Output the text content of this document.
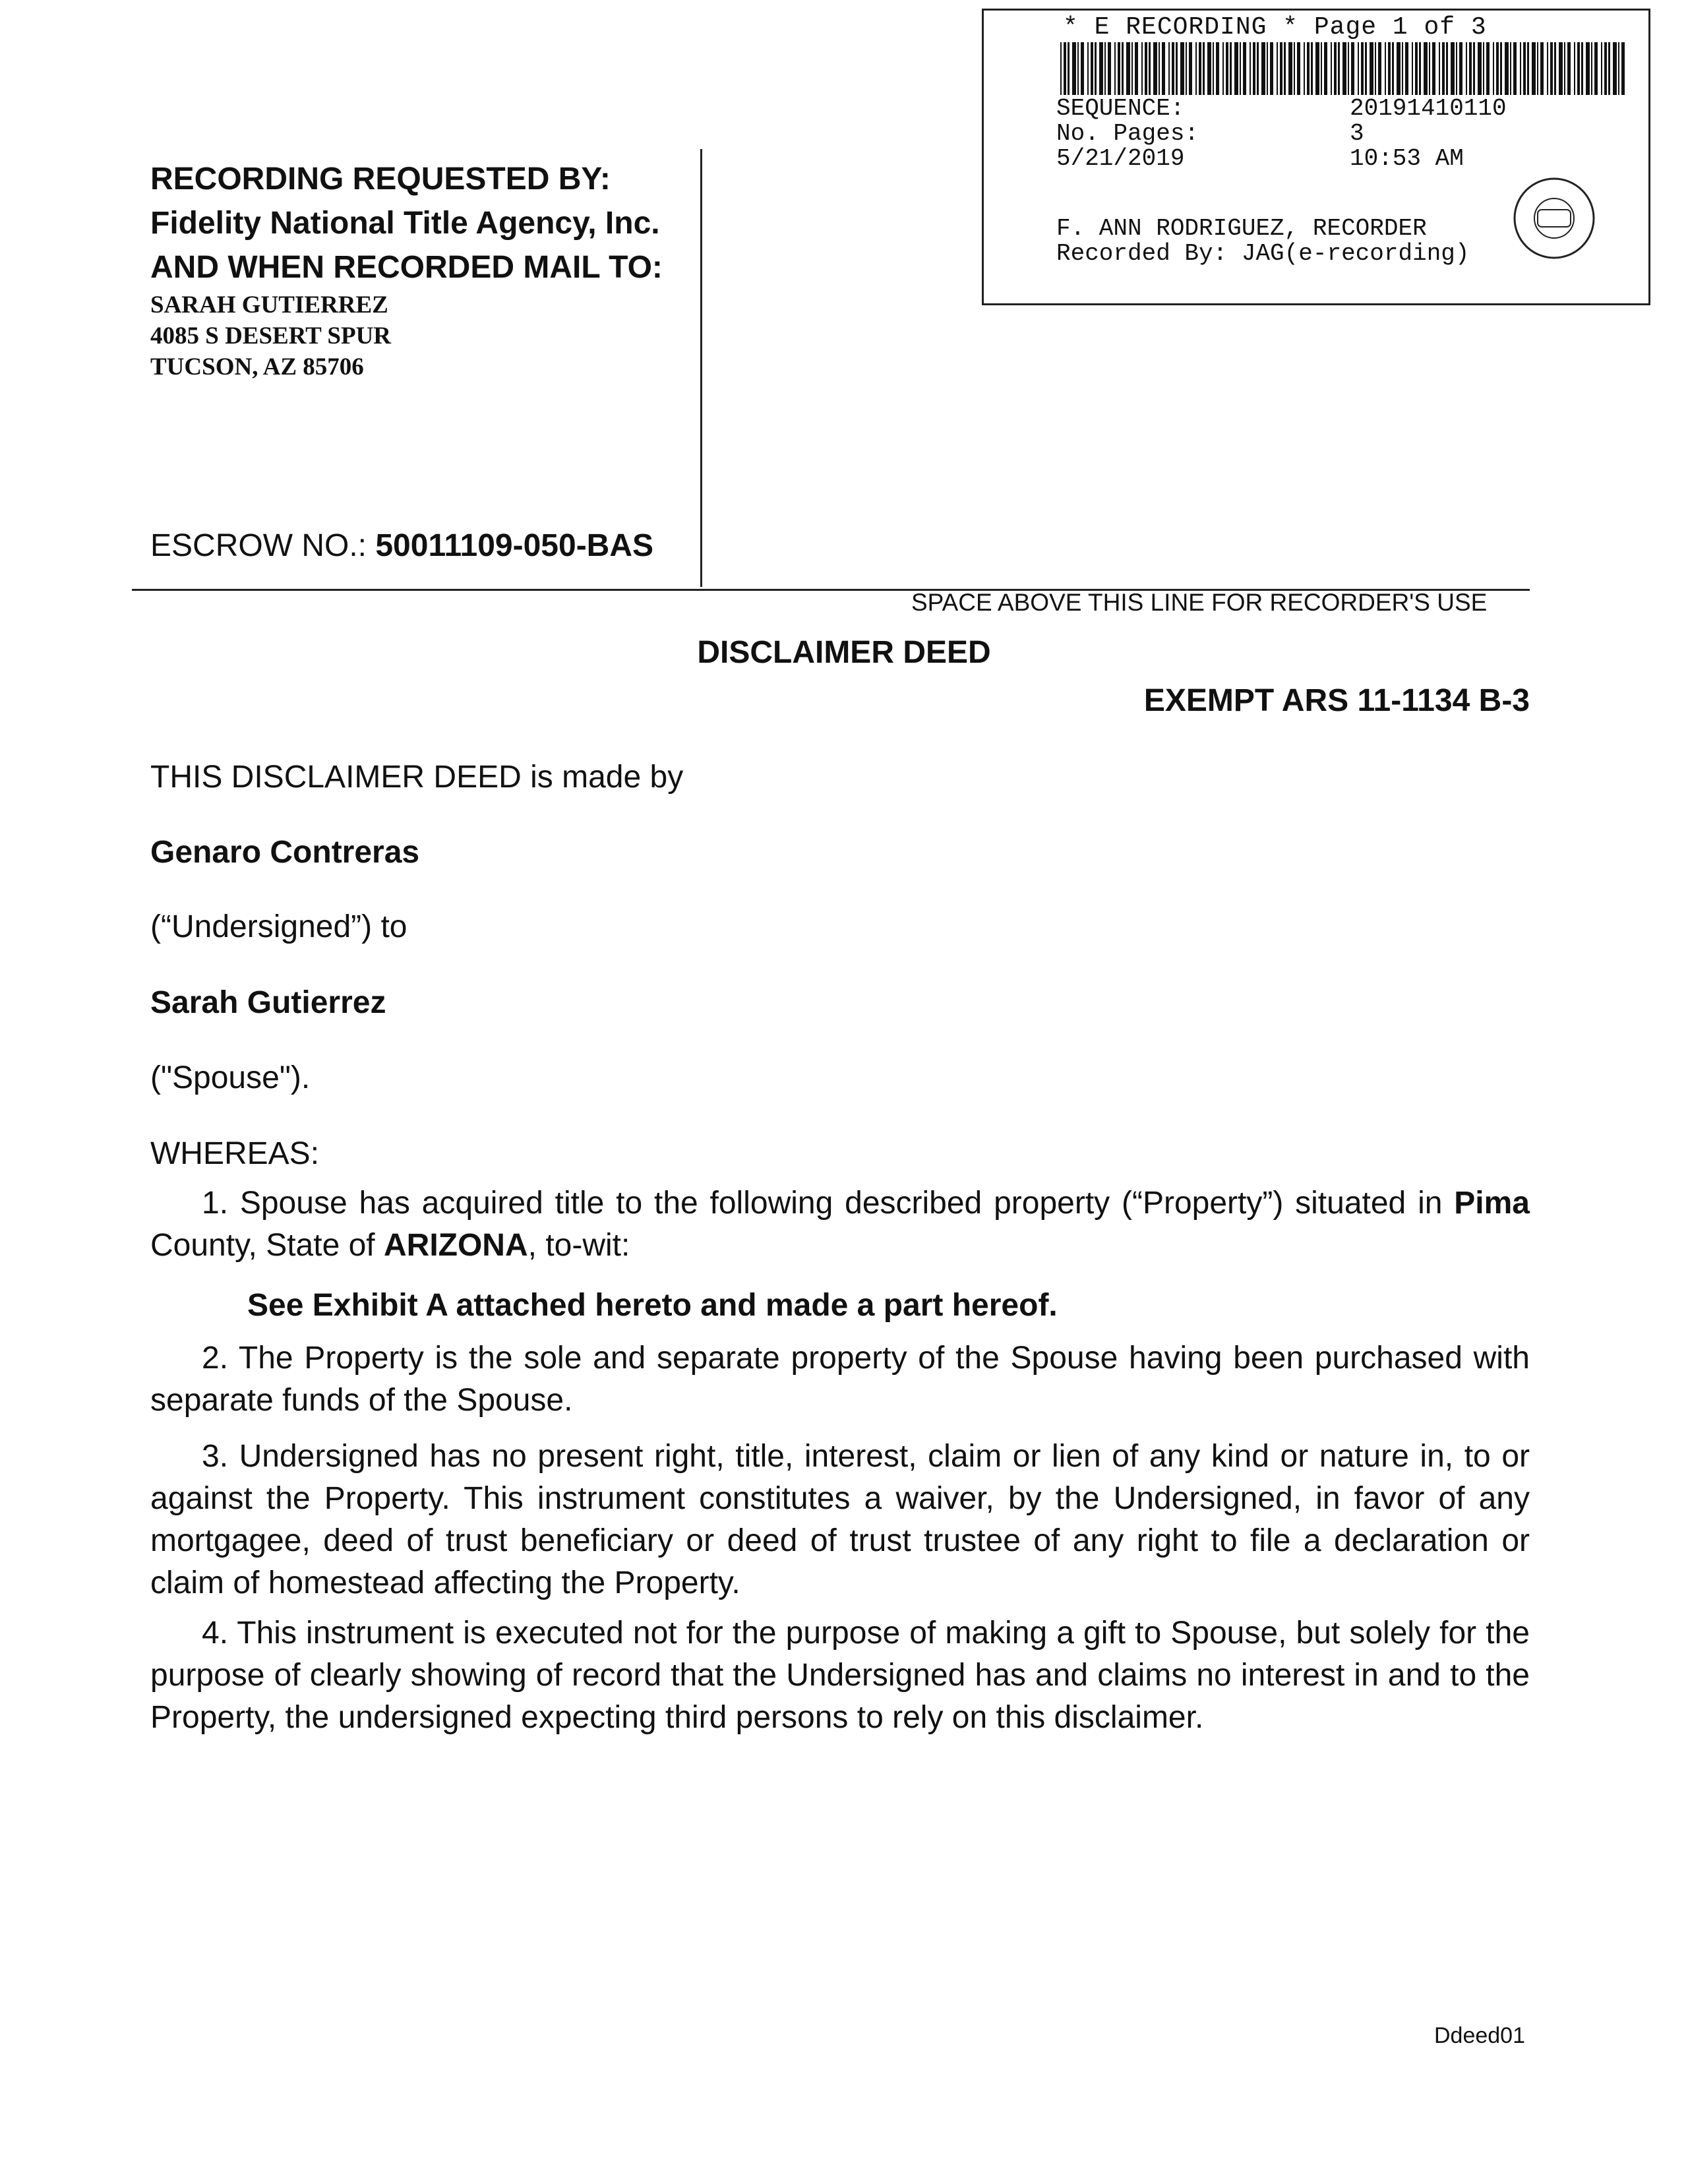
* E RECORDING * Page 1 of 3
SEQUENCE:	20191410110
No. Pages:	3
5/21/2019	10:53 AM
F. ANN RODRIGUEZ, RECORDER
Recorded By: JAG(e-recording)
RECORDING REQUESTED BY:
Fidelity National Title Agency, Inc.
AND WHEN RECORDED MAIL TO:
SARAH GUTIERREZ
4085 S DESERT SPUR
TUCSON, AZ 85706
ESCROW NO.: 50011109-050-BAS
SPACE ABOVE THIS LINE FOR RECORDER'S USE
DISCLAIMER DEED
EXEMPT ARS 11-1134 B-3
THIS DISCLAIMER DEED is made by
Genaro Contreras
(“Undersigned”) to
Sarah Gutierrez
("Spouse").
WHEREAS:
1. Spouse has acquired title to the following described property (“Property”) situated in Pima County, State of ARIZONA, to-wit:
See Exhibit A attached hereto and made a part hereof.
2. The Property is the sole and separate property of the Spouse having been purchased with separate funds of the Spouse.
3. Undersigned has no present right, title, interest, claim or lien of any kind or nature in, to or against the Property. This instrument constitutes a waiver, by the Undersigned, in favor of any mortgagee, deed of trust beneficiary or deed of trust trustee of any right to file a declaration or claim of homestead affecting the Property.
4. This instrument is executed not for the purpose of making a gift to Spouse, but solely for the purpose of clearly showing of record that the Undersigned has and claims no interest in and to the Property, the undersigned expecting third persons to rely on this disclaimer.
Ddeed01
